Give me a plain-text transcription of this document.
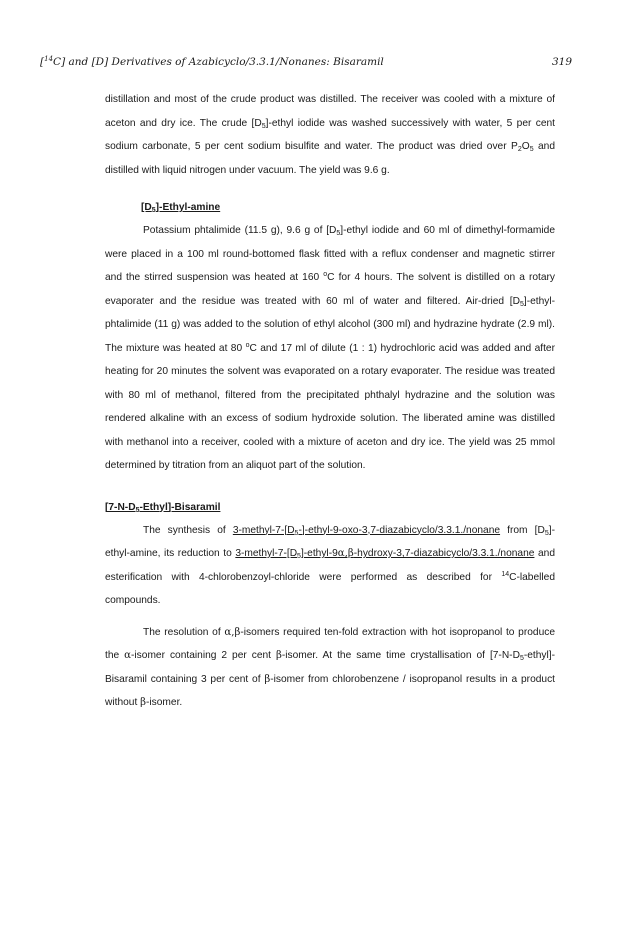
[$^{14}$C] and [D] Derivatives of Azabicyclo/3.3.1/Nonanes: Bisaramil	319

distillation and most of the crude product was distilled. The receiver was cooled with a mixture of aceton and dry ice. The crude $[D_5]$-ethyl iodide was washed successively with water, 5 per cent sodium carbonate, 5 per cent sodium bisulfite and water. The product was dried over $P_2O_5$ and distilled with liquid nitrogen under vacuum. The yield was 9.6 g.

$[D_5]-Ethyl$-amine

Potassium phtalimide (11.5 g), 9.6 g of $[D_5]$-ethyl iodide and 60 ml of dimethyl-formamide were placed in a 100 ml round-bottomed flask fitted with a reflux condenser and magnetic stirrer and the stirred suspension was heated at 160 $^o$C for 4 hours. The solvent is distilled on a rotary evaporater and the residue was treated with 60 ml of water and filtered. Air-dried $[D_5]-ethyl$-phtalimide (11 g) was added to the solution of ethyl alcohol (300 ml) and hydrazine hydrate (2.9 ml). The mixture was heated at 80 $^o$C and 17 ml of dilute (1 : 1) hydrochloric acid was added and after heating for 20 minutes the solvent was evaporated on a rotary evaporater. The residue was treated with 80 ml of methanol, filtered from the precipitated phthalyl hydrazine and the solution was rendered alkaline with an excess of sodium hydroxide solution. The liberated amine was distilled with methanol into a receiver, cooled with a mixture of aceton and dry ice. The yield was 25 mmol determined by titration from an aliquot part of the solution.

$[7-N-D_5-Ethyl]$-Bisaramil

The synthesis of $3-methyl-7-[D_5-]-ethyl-9-oxo-3,7-diazabicyclo/3.3.1$./nonane from $[D_5]-ethyl$-amine, its reduction to $3-methyl-7-[D_5]-ethyl-9\alpha,\beta-hydroxy-3,7-diazabicyclo/3.3.1$./nonane and esterification with 4-chlorobenzoyl-chloride were performed as described for $^{14}$C-labelled compounds.

The resolution of α,β-isomers required ten-fold extraction with hot isopropanol to produce the α-isomer containing 2 per cent β-isomer. At the same time crystallisation of $[7-N-D_5-ethyl]$-Bisaramil containing 3 per cent of β-isomer from chlorobenzene / isopropanol results in a product without β-isomer.
